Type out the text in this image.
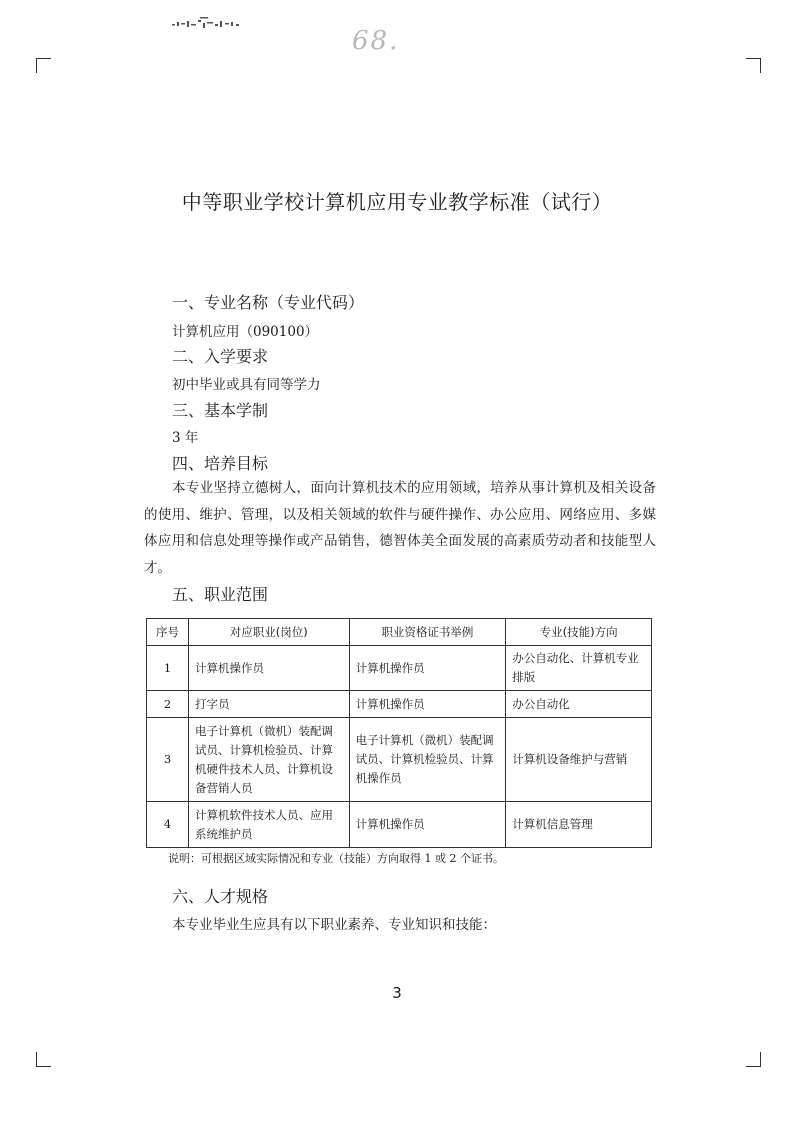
68.
中等职业学校计算机应用专业教学标准（试行）
一、专业名称（专业代码）
计算机应用（090100）
二、入学要求
初中毕业或具有同等学力
三、基本学制
3 年
四、培养目标
本专业坚持立德树人，面向计算机技术的应用领域，培养从事计算机及相关设备的使用、维护、管理，以及相关领域的软件与硬件操作、办公应用、网络应用、多媒体应用和信息处理等操作或产品销售，德智体美全面发展的高素质劳动者和技能型人才。
五、职业范围
序号	对应职业(岗位)	职业资格证书举例	专业(技能)方向
1	计算机操作员	计算机操作员	办公自动化、计算机专业排版
2	打字员	计算机操作员	办公自动化
3	电子计算机（微机）装配调试员、计算机检验员、计算机硬件技术人员、计算机设备营销人员	电子计算机（微机）装配调试员、计算机检验员、计算机操作员	计算机设备维护与营销
4	计算机软件技术人员、应用系统维护员	计算机操作员	计算机信息管理
说明：可根据区域实际情况和专业（技能）方向取得 1 或 2 个证书。
六、人才规格
本专业毕业生应具有以下职业素养、专业知识和技能：
3
